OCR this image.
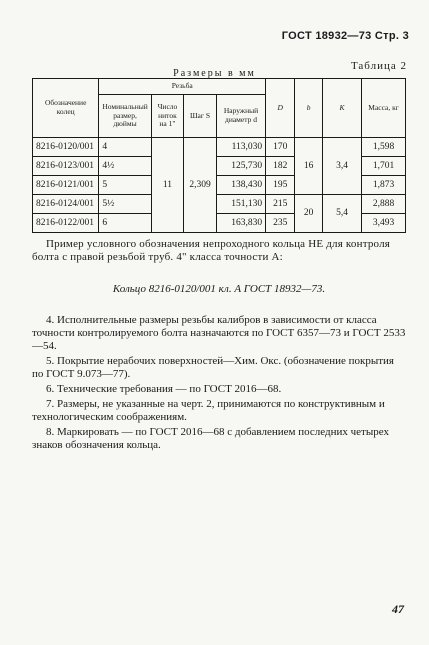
ГОСТ 18932—73 Стр. 3
Таблица 2
Размеры в мм
Обозначение колец	Резьба				D	b	K	Масса, кг
	Номинальный размер, дюймы	Число ниток на 1"	Шаг S	Наружный диаметр d				
8216-0120/001	4	11	2,309	113,030	170	16	3,4	1,598
8216-0123/001	4½			125,730	182			1,701
8216-0121/001	5			138,430	195			1,873
8216-0124/001	5½			151,130	215	20	5,4	2,888
8216-0122/001	6			163,830	235			3,493
Пример условного обозначения непроходного кольца НЕ для контроля болта с правой резьбой труб. 4" класса точности А:
Кольцо 8216-0120/001 кл. А ГОСТ 18932—73.

4. Исполнительные размеры резьбы калибров в зависимости от класса точности контролируемого болта назначаются по ГОСТ 6357—73 и ГОСТ 2533—54.

5. Покрытие нерабочих поверхностей—Хим. Окс. (обозначение покрытия по ГОСТ 9.073—77).

6. Технические требования — по ГОСТ 2016—68.

7. Размеры, не указанные на черт. 2, принимаются по конструктивным и технологическим соображениям.

8. Маркировать — по ГОСТ 2016—68 с добавлением последних четырех знаков обозначения кольца.

47
